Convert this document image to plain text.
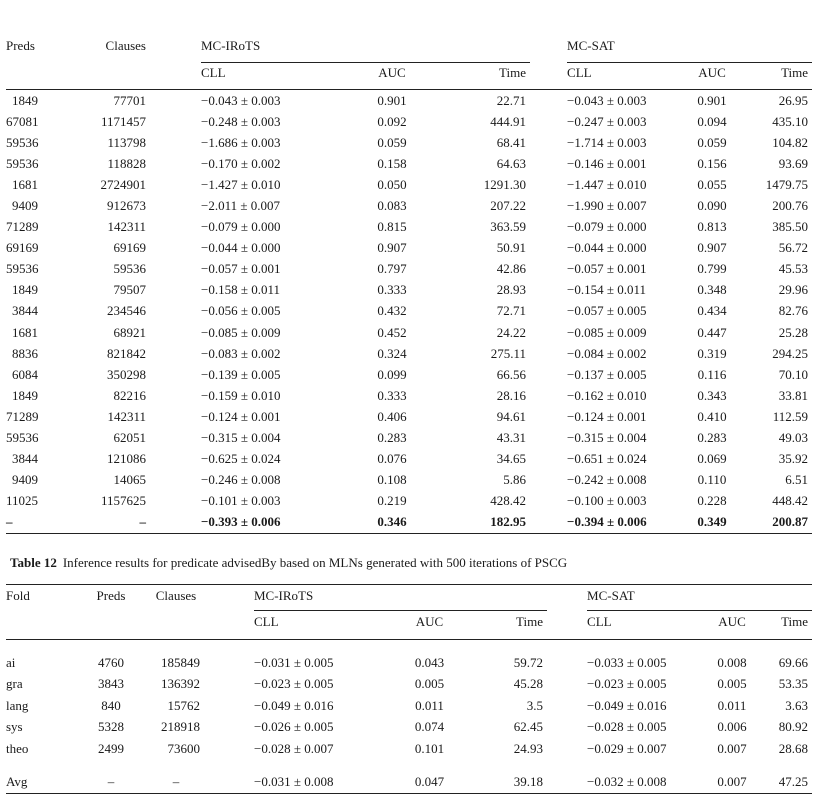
Preds	Clauses		MC-IRoTS				MC-SAT		
			CLL	AUC	Time		CLL	AUC	Time
1849	77701		−0.043 ± 0.003	0.901	22.71		−0.043 ± 0.003	0.901	26.95
67081	1171457		−0.248 ± 0.003	0.092	444.91		−0.247 ± 0.003	0.094	435.10
59536	113798		−1.686 ± 0.003	0.059	68.41		−1.714 ± 0.003	0.059	104.82
59536	118828		−0.170 ± 0.002	0.158	64.63		−0.146 ± 0.001	0.156	93.69
1681	2724901		−1.427 ± 0.010	0.050	1291.30		−1.447 ± 0.010	0.055	1479.75
9409	912673		−2.011 ± 0.007	0.083	207.22		−1.990 ± 0.007	0.090	200.76
71289	142311		−0.079 ± 0.000	0.815	363.59		−0.079 ± 0.000	0.813	385.50
69169	69169		−0.044 ± 0.000	0.907	50.91		−0.044 ± 0.000	0.907	56.72
59536	59536		−0.057 ± 0.001	0.797	42.86		−0.057 ± 0.001	0.799	45.53
1849	79507		−0.158 ± 0.011	0.333	28.93		−0.154 ± 0.011	0.348	29.96
3844	234546		−0.056 ± 0.005	0.432	72.71		−0.057 ± 0.005	0.434	82.76
1681	68921		−0.085 ± 0.009	0.452	24.22		−0.085 ± 0.009	0.447	25.28
8836	821842		−0.083 ± 0.002	0.324	275.11		−0.084 ± 0.002	0.319	294.25
6084	350298		−0.139 ± 0.005	0.099	66.56		−0.137 ± 0.005	0.116	70.10
1849	82216		−0.159 ± 0.010	0.333	28.16		−0.162 ± 0.010	0.343	33.81
71289	142311		−0.124 ± 0.001	0.406	94.61		−0.124 ± 0.001	0.410	112.59
59536	62051		−0.315 ± 0.004	0.283	43.31		−0.315 ± 0.004	0.283	49.03
3844	121086		−0.625 ± 0.024	0.076	34.65		−0.651 ± 0.024	0.069	35.92
9409	14065		−0.246 ± 0.008	0.108	5.86		−0.242 ± 0.008	0.110	6.51
11025	1157625		−0.101 ± 0.003	0.219	428.42		−0.100 ± 0.003	0.228	448.42
–	–		−0.393 ± 0.006	0.346	182.95		−0.394 ± 0.006	0.349	200.87
Table 12 Inference results for predicate advisedBy based on MLNs generated with 500 iterations of PSCG
Fold	Preds	Clauses		MC-IRoTS				MC-SAT		
				CLL	AUC	Time		CLL	AUC	Time

ai	4760	185849		−0.031 ± 0.005	0.043	59.72		−0.033 ± 0.005	0.008	69.66
gra	3843	136392		−0.023 ± 0.005	0.005	45.28		−0.023 ± 0.005	0.005	53.35
lang	840	15762		−0.049 ± 0.016	0.011	3.5		−0.049 ± 0.016	0.011	3.63
sys	5328	218918		−0.026 ± 0.005	0.074	62.45		−0.028 ± 0.005	0.006	80.92
theo	2499	73600		−0.028 ± 0.007	0.101	24.93		−0.029 ± 0.007	0.007	28.68

Avg	–	–		−0.031 ± 0.008	0.047	39.18		−0.032 ± 0.008	0.007	47.25
